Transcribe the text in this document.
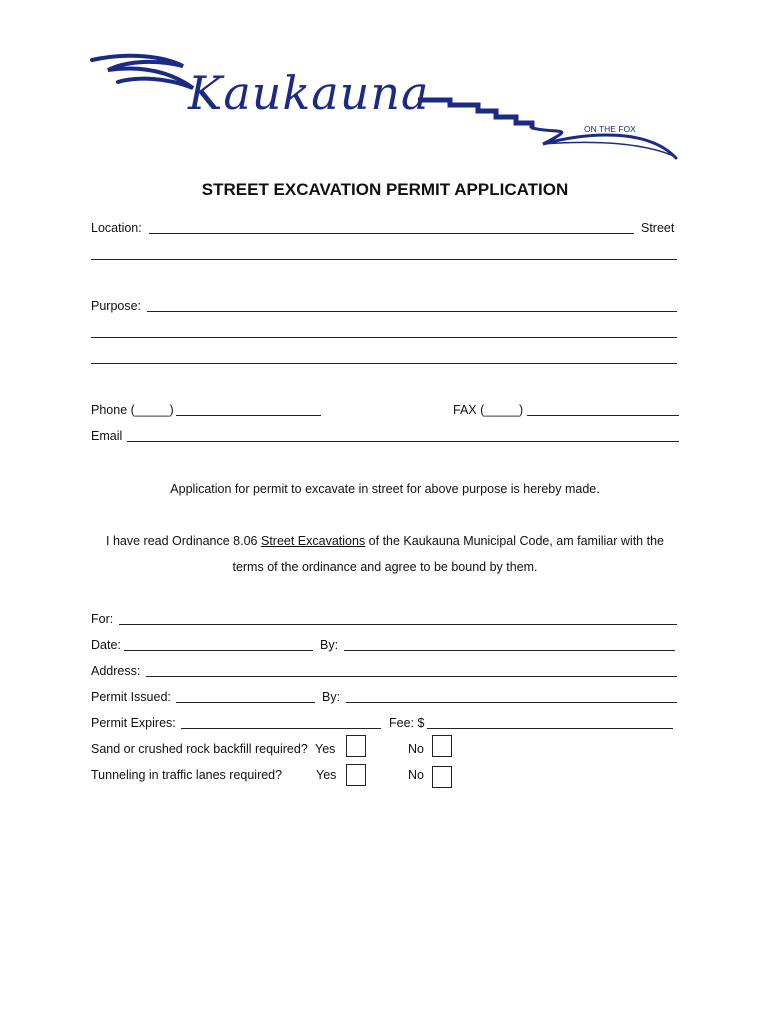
Kaukauna
ON THE FOX
STREET EXCAVATION PERMIT APPLICATION
Location:	Street
Purpose:
Phone (_____)	FAX (_____)
Email
Application for permit to excavate in street for above purpose is hereby made.
I have read Ordinance 8.06 Street Excavations of the Kaukauna Municipal Code, am familiar with the
terms of the ordinance and agree to be bound by them.
For:
Date:	By:
Address:
Permit Issued:	By:
Permit Expires:	Fee: $
Sand or crushed rock backfill required? Yes	No
Tunneling in traffic lanes required?	Yes	No
